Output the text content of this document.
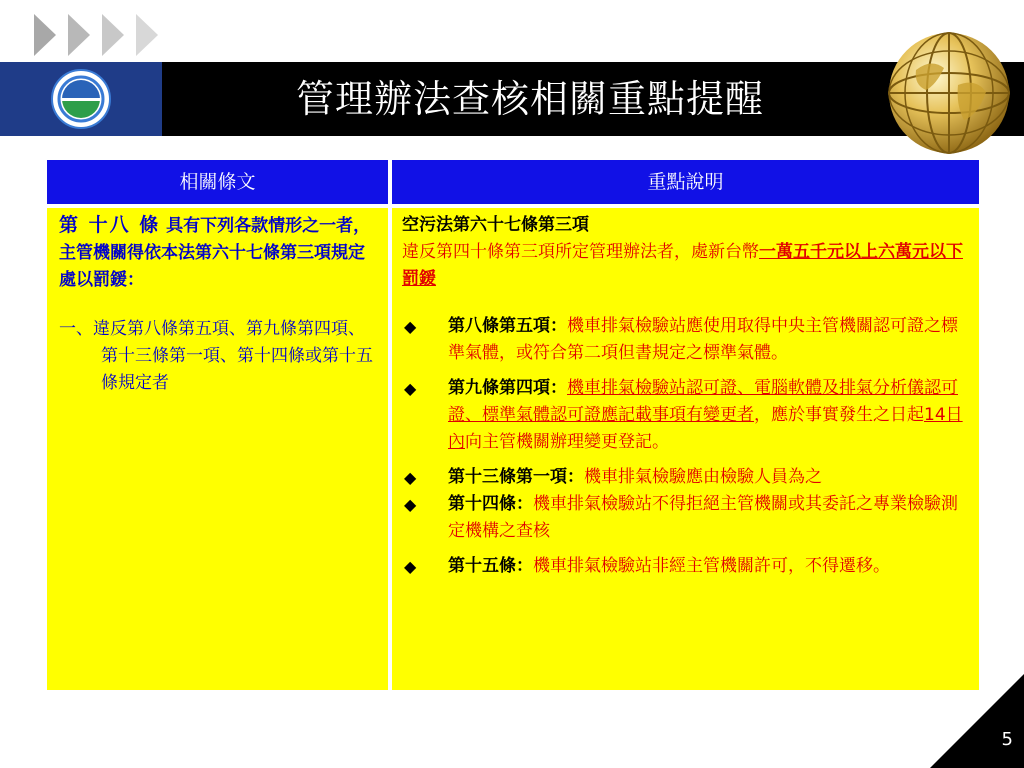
管理辦法查核相關重點提醒
相關條文	重點說明
第 十八 條 具有下列各款情形之一者，主管機關得依本法第六十七條第三項規定處以罰鍰：
一、違反第八條第五項、第九條第四項、第十三條第一項、第十四條或第十五條規定者
空污法第六十七條第三項
違反第四十條第三項所定管理辦法者，處新台幣一萬五千元以上六萬元以下罰鍰
◆ 第八條第五項：機車排氣檢驗站應使用取得中央主管機關認可證之標準氣體，或符合第二項但書規定之標準氣體。
◆ 第九條第四項：機車排氣檢驗站認可證、電腦軟體及排氣分析儀認可證、標準氣體認可證應記載事項有變更者，應於事實發生之日起14日內向主管機關辦理變更登記。
◆ 第十三條第一項：機車排氣檢驗應由檢驗人員為之
◆ 第十四條：機車排氣檢驗站不得拒絕主管機關或其委託之專業檢驗測定機構之查核
◆ 第十五條：機車排氣檢驗站非經主管機關許可，不得遷移。
5
